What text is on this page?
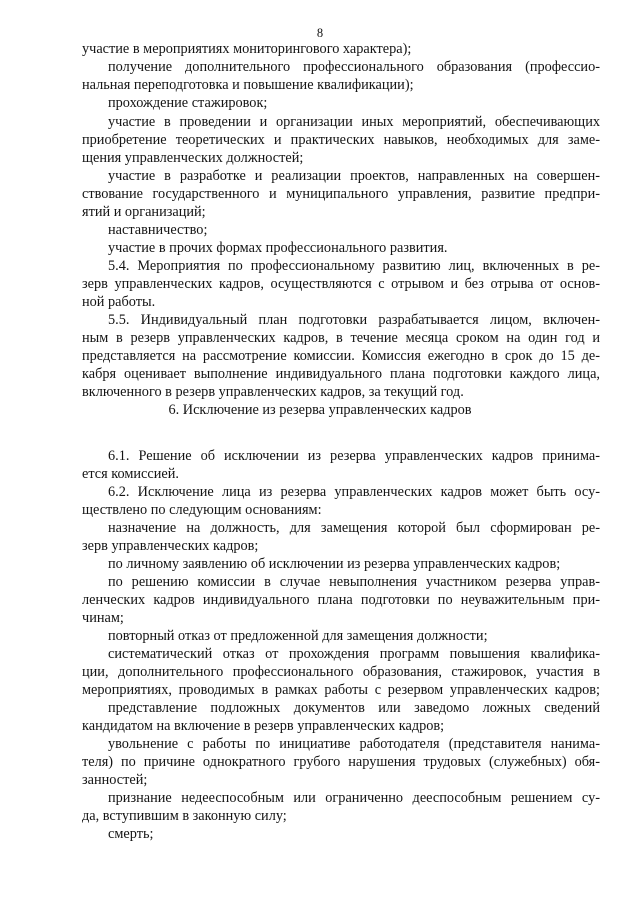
8
участие в мероприятиях мониторингового характера);
получение дополнительного профессионального образования (профессио-
нальная переподготовка и повышение квалификации);
прохождение стажировок;
участие в проведении и организации иных мероприятий, обеспечивающих
приобретение теоретических и практических навыков, необходимых для заме-
щения управленческих должностей;
участие в разработке и реализации проектов, направленных на совершен-
ствование государственного и муниципального управления, развитие предпри-
ятий и организаций;
наставничество;
участие в прочих формах профессионального развития.
5.4. Мероприятия по профессиональному развитию лиц, включенных в ре-
зерв управленческих кадров, осуществляются с отрывом и без отрыва от основ-
ной работы.
5.5. Индивидуальный план подготовки разрабатывается лицом, включен-
ным в резерв управленческих кадров, в течение месяца сроком на один год и
представляется на рассмотрение комиссии. Комиссия ежегодно в срок до 15 де-
кабря оценивает выполнение индивидуального плана подготовки каждого лица,
включенного в резерв управленческих кадров, за текущий год.
6.1. Решение об исключении из резерва управленческих кадров принима-
ется комиссией.
6.2. Исключение лица из резерва управленческих кадров может быть осу-
ществлено по следующим основаниям:
назначение на должность, для замещения которой был сформирован ре-
зерв управленческих кадров;
по личному заявлению об исключении из резерва управленческих кадров;
по решению комиссии в случае невыполнения участником резерва управ-
ленческих кадров индивидуального плана подготовки по неуважительным при-
чинам;
повторный отказ от предложенной для замещения должности;
систематический отказ от прохождения программ повышения квалифика-
ции, дополнительного профессионального образования, стажировок, участия в
мероприятиях, проводимых в рамках работы с резервом управленческих кадров;
представление подложных документов или заведомо ложных сведений
кандидатом на включение в резерв управленческих кадров;
увольнение с работы по инициативе работодателя (представителя нанима-
теля) по причине однократного грубого нарушения трудовых (служебных) обя-
занностей;
признание недееспособным или ограниченно дееспособным решением су-
да, вступившим в законную силу;
смерть;
6. Исключение из резерва управленческих кадров
